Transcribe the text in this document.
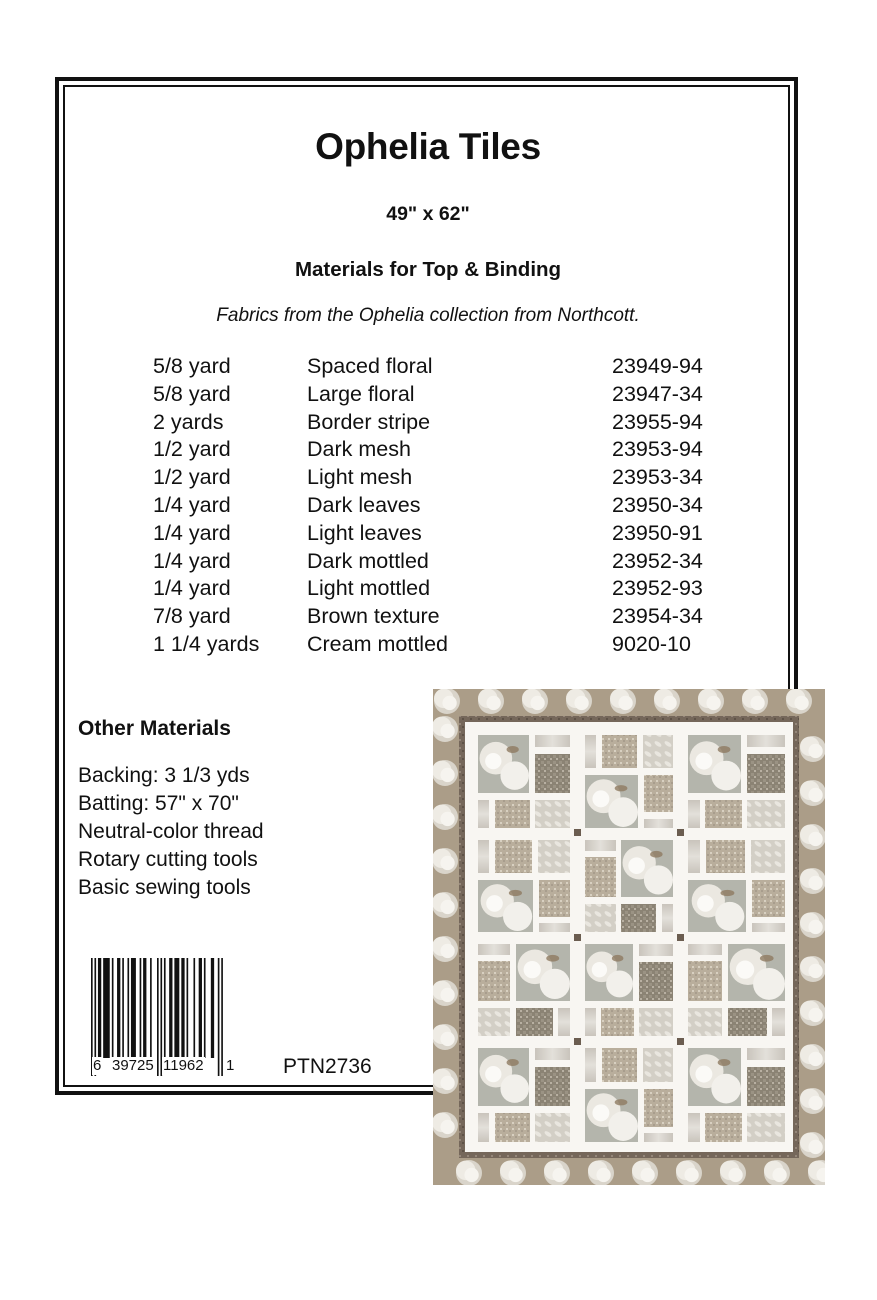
Ophelia Tiles
49" x 62"
Materials for Top & Binding
Fabrics from the Ophelia collection from Northcott.
5/8 yard	Spaced floral	23949-94
5/8 yard	Large floral	23947-34
2 yards	Border stripe	23955-94
1/2 yard	Dark mesh	23953-94
1/2 yard	Light mesh	23953-34
1/4 yard	Dark leaves	23950-34
1/4 yard	Light leaves	23950-91
1/4 yard	Dark mottled	23952-34
1/4 yard	Light mottled	23952-93
7/8 yard	Brown texture	23954-34
1 1/4 yards Cream mottled	9020-10
Other Materials
Backing: 3 1/3 yds
Batting: 57" x 70"
Neutral-color thread
Rotary cutting tools
Basic sewing tools
6 39725 11962 1 PTN2736
